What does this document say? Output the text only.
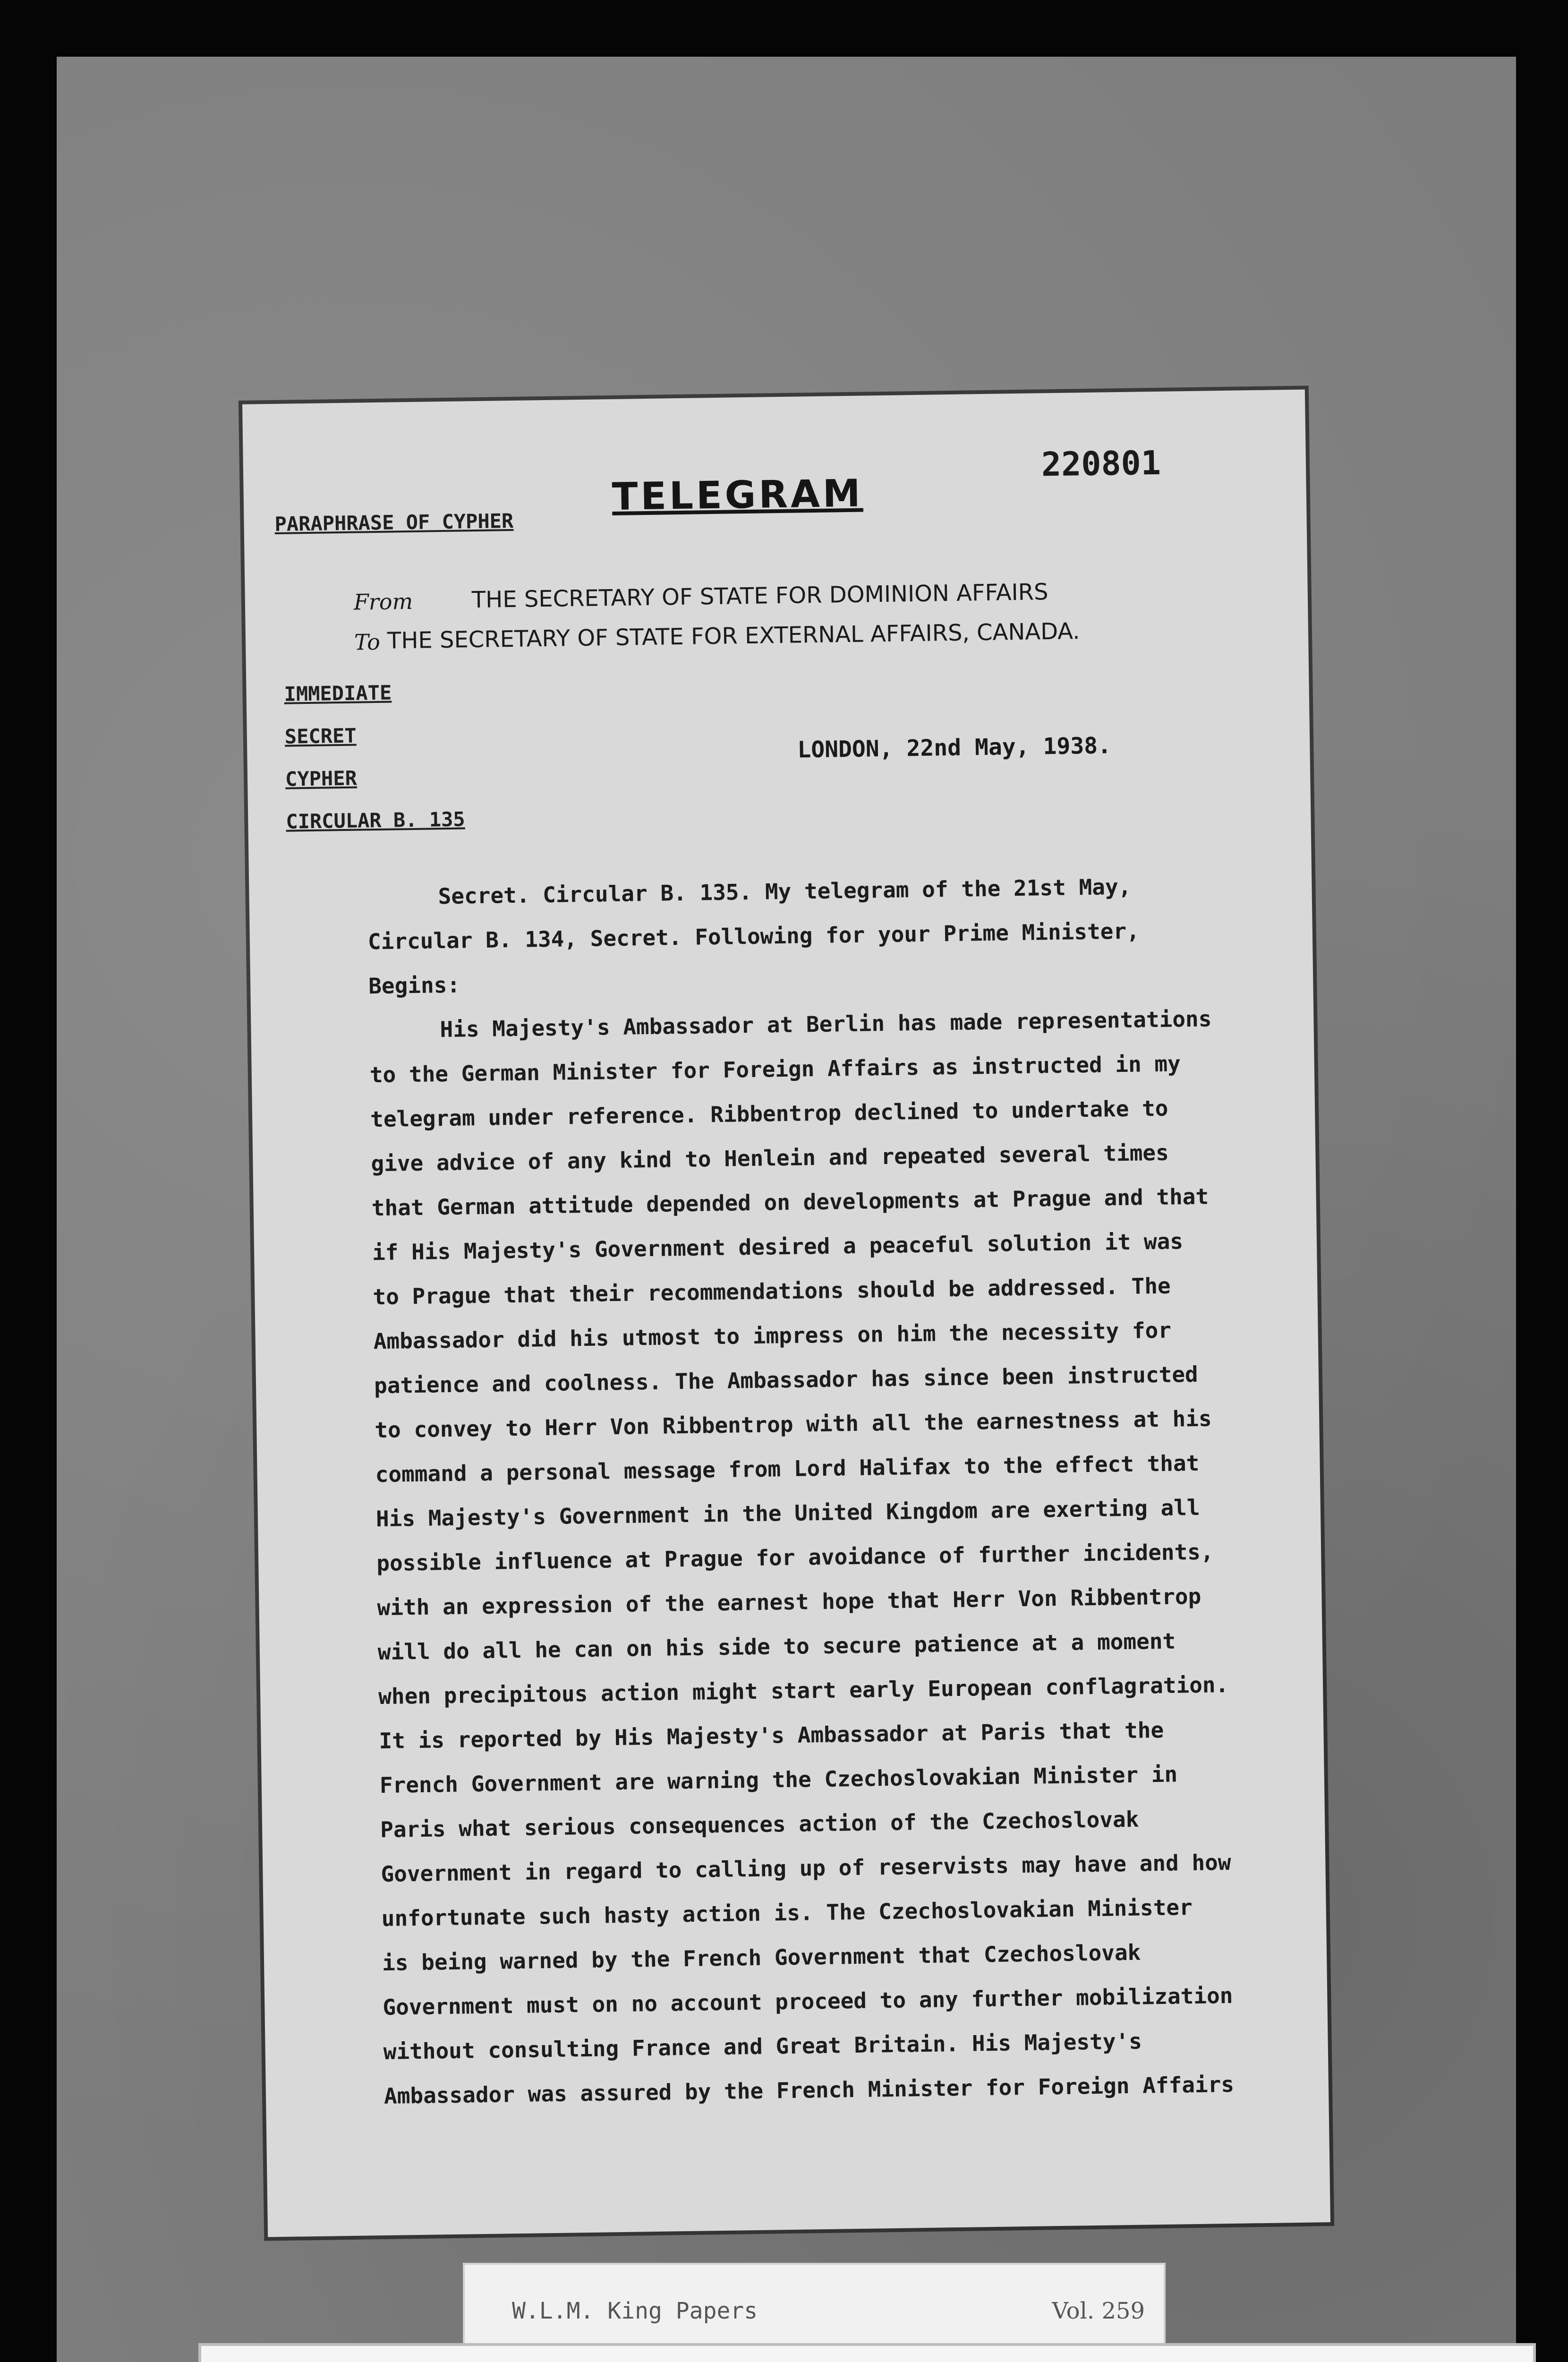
220801
PARAPHRASE OF CYPHER
TELEGRAM
From	THE SECRETARY OF STATE FOR DOMINION AFFAIRS
To THE SECRETARY OF STATE FOR EXTERNAL AFFAIRS, CANADA.
IMMEDIATE
SECRET
CYPHER
CIRCULAR B. 135
LONDON, 22nd May, 1938.
Secret. Circular B. 135. My telegram of the 21st May,
Circular B. 134, Secret. Following for your Prime Minister,
Begins:
His Majesty's Ambassador at Berlin has made representations
to the German Minister for Foreign Affairs as instructed in my
telegram under reference. Ribbentrop declined to undertake to
give advice of any kind to Henlein and repeated several times
that German attitude depended on developments at Prague and that
if His Majesty's Government desired a peaceful solution it was
to Prague that their recommendations should be addressed. The
Ambassador did his utmost to impress on him the necessity for
patience and coolness. The Ambassador has since been instructed
to convey to Herr Von Ribbentrop with all the earnestness at his
command a personal message from Lord Halifax to the effect that
His Majesty's Government in the United Kingdom are exerting all
possible influence at Prague for avoidance of further incidents,
with an expression of the earnest hope that Herr Von Ribbentrop
will do all he can on his side to secure patience at a moment
when precipitous action might start early European conflagration.
It is reported by His Majesty's Ambassador at Paris that the
French Government are warning the Czechoslovakian Minister in
Paris what serious consequences action of the Czechoslovak
Government in regard to calling up of reservists may have and how
unfortunate such hasty action is. The Czechoslovakian Minister
is being warned by the French Government that Czechoslovak
Government must on no account proceed to any further mobilization
without consulting France and Great Britain. His Majesty's
Ambassador was assured by the French Minister for Foreign Affairs
W.L.M. King Papers	Vol. 259
